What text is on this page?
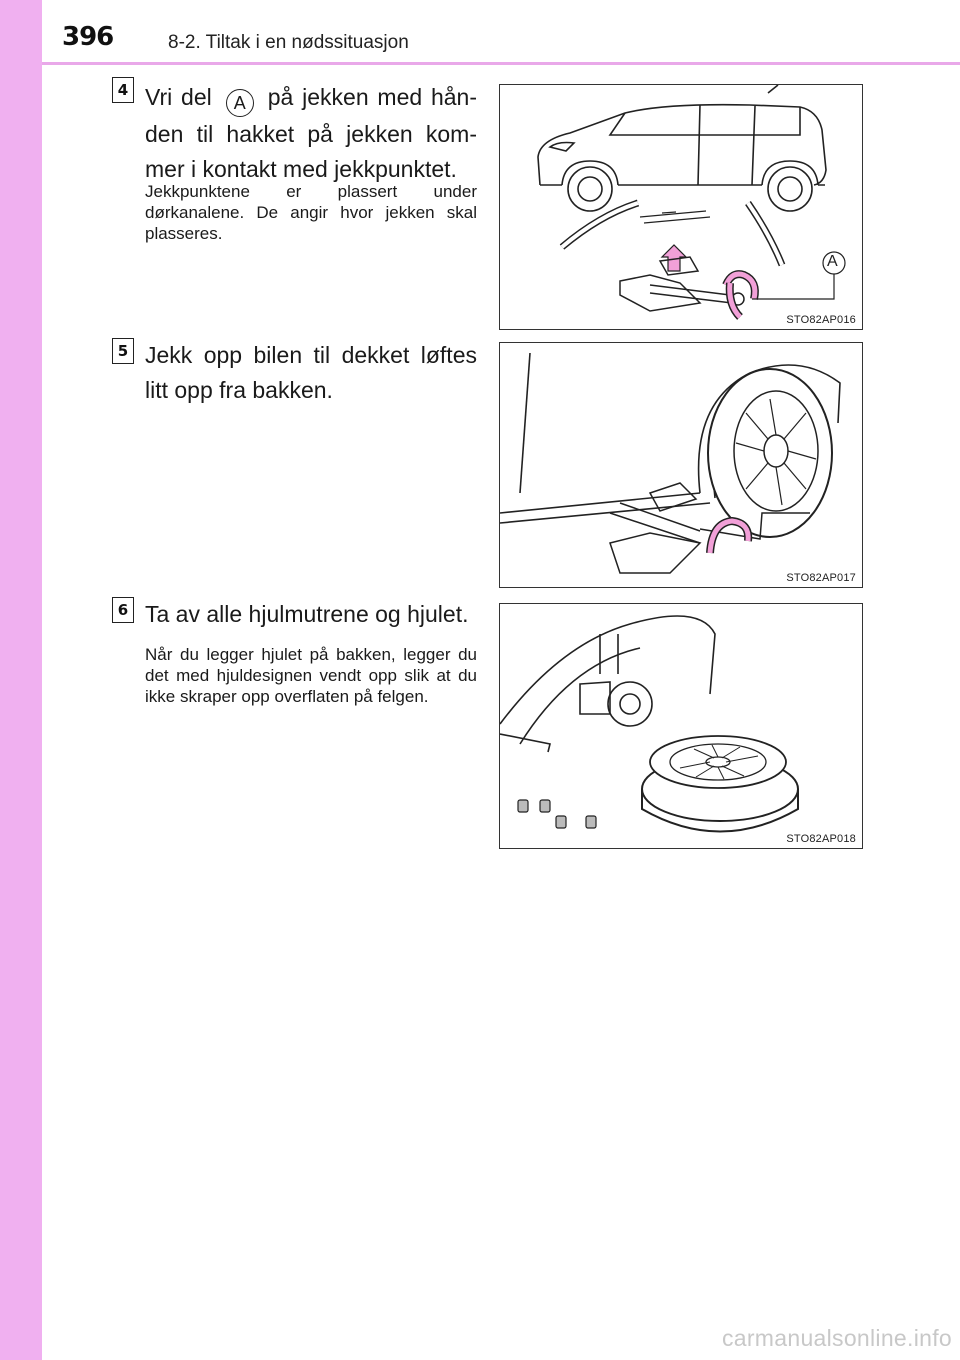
396	8-2. Tiltak i en nødssituasjon
4 Vri del A på jekken med hån-den til hakket på jekken kom-mer i kontakt med jekkpunktet.
Jekkpunktene er plassert under dørkanalene. De angir hvor jekken skal plasseres.
A
STO82AP016
5 Jekk opp bilen til dekket løftes litt opp fra bakken.
STO82AP017
6 Ta av alle hjulmutrene og hjulet.
Når du legger hjulet på bakken, legger du det med hjuldesignen vendt opp slik at du ikke skraper opp overflaten på felgen.
STO82AP018
carmanualsonline.info
